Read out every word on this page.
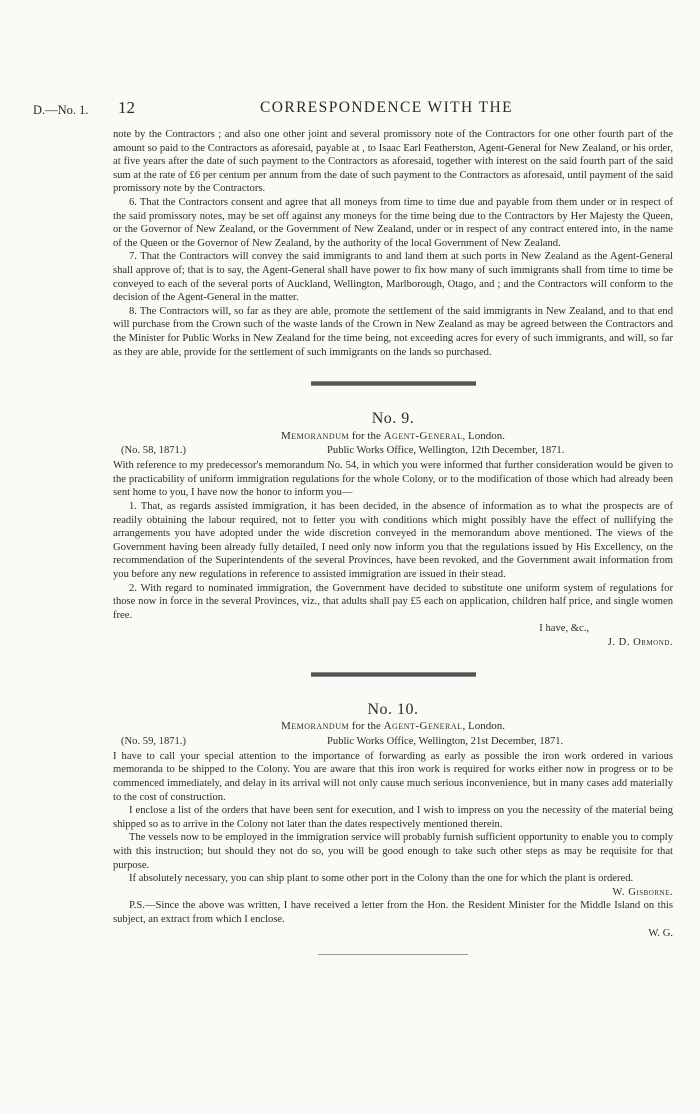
D.—No. 1. 12	CORRESPONDENCE WITH THE

note by the Contractors ; and also one other joint and several promissory note of the Contractors for one other fourth part of the amount so paid to the Contractors as aforesaid, payable at , to Isaac Earl Featherston, Agent-General for New Zealand, or his order, at five years after the date of such payment to the Contractors as aforesaid, together with interest on the said fourth part of the said sum at the rate of £6 per centum per annum from the date of such payment to the Contractors as aforesaid, until payment of the said promissory note by the Contractors.

6. That the Contractors consent and agree that all moneys from time to time due and payable from them under or in respect of the said promissory notes, may be set off against any moneys for the time being due to the Contractors by Her Majesty the Queen, or the Governor of New Zealand, or the Government of New Zealand, under or in respect of any contract entered into, in the name of the Queen or the Governor of New Zealand, by the authority of the local Government of New Zealand.

7. That the Contractors will convey the said immigrants to and land them at such ports in New Zealand as the Agent-General shall approve of; that is to say, the Agent-General shall have power to fix how many of such immigrants shall from time to time be conveyed to each of the several ports of Auckland, Wellington, Marlborough, Otago, and ; and the Contractors will conform to the decision of the Agent-General in the matter.

8. The Contractors will, so far as they are able, promote the settlement of the said immigrants in New Zealand, and to that end will purchase from the Crown such of the waste lands of the Crown in New Zealand as may be agreed between the Contractors and the Minister for Public Works in New Zealand for the time being, not exceeding acres for every of such immigrants, and will, so far as they are able, provide for the settlement of such immigrants on the lands so purchased.

No. 9.
Memorandum for the Agent-General, London.
(No. 58, 1871.)	Public Works Office, Wellington, 12th December, 1871.

With reference to my predecessor's memorandum No. 54, in which you were informed that further consideration would be given to the practicability of uniform immigration regulations for the whole Colony, or to the modification of those which had already been sent home to you, I have now the honor to inform you—

1. That, as regards assisted immigration, it has been decided, in the absence of information as to what the prospects are of readily obtaining the labour required, not to fetter you with conditions which might possibly have the effect of nullifying the arrangements you have adopted under the wide discretion conveyed in the memorandum above mentioned. The views of the Government having been already fully detailed, I need only now inform you that the regulations issued by His Excellency, on the recommendation of the Superintendents of the several Provinces, have been revoked, and the Government await information from you before any new regulations in reference to assisted immigration are issued in their stead.

2. With regard to nominated immigration, the Government have decided to substitute one uniform system of regulations for those now in force in the several Provinces, viz., that adults shall pay £5 each on application, children half price, and single women free.

I have, &c.,

J. D. Ormond.

No. 10.
Memorandum for the Agent-General, London.
(No. 59, 1871.)	Public Works Office, Wellington, 21st December, 1871.

I have to call your special attention to the importance of forwarding as early as possible the iron work ordered in various memoranda to be shipped to the Colony. You are aware that this iron work is required for works either now in progress or to be commenced immediately, and delay in its arrival will not only cause much serious inconvenience, but in many cases add materially to the cost of construction.

I enclose a list of the orders that have been sent for execution, and I wish to impress on you the necessity of the material being shipped so as to arrive in the Colony not later than the dates respectively mentioned therein.

The vessels now to be employed in the immigration service will probably furnish sufficient opportunity to enable you to comply with this instruction; but should they not do so, you will be good enough to take such other steps as may be requisite for that purpose.

If absolutely necessary, you can ship plant to some other port in the Colony than the one for which the plant is ordered.

W. Gisborne.

P.S.—Since the above was written, I have received a letter from the Hon. the Resident Minister for the Middle Island on this subject, an extract from which I enclose.

W. G.
